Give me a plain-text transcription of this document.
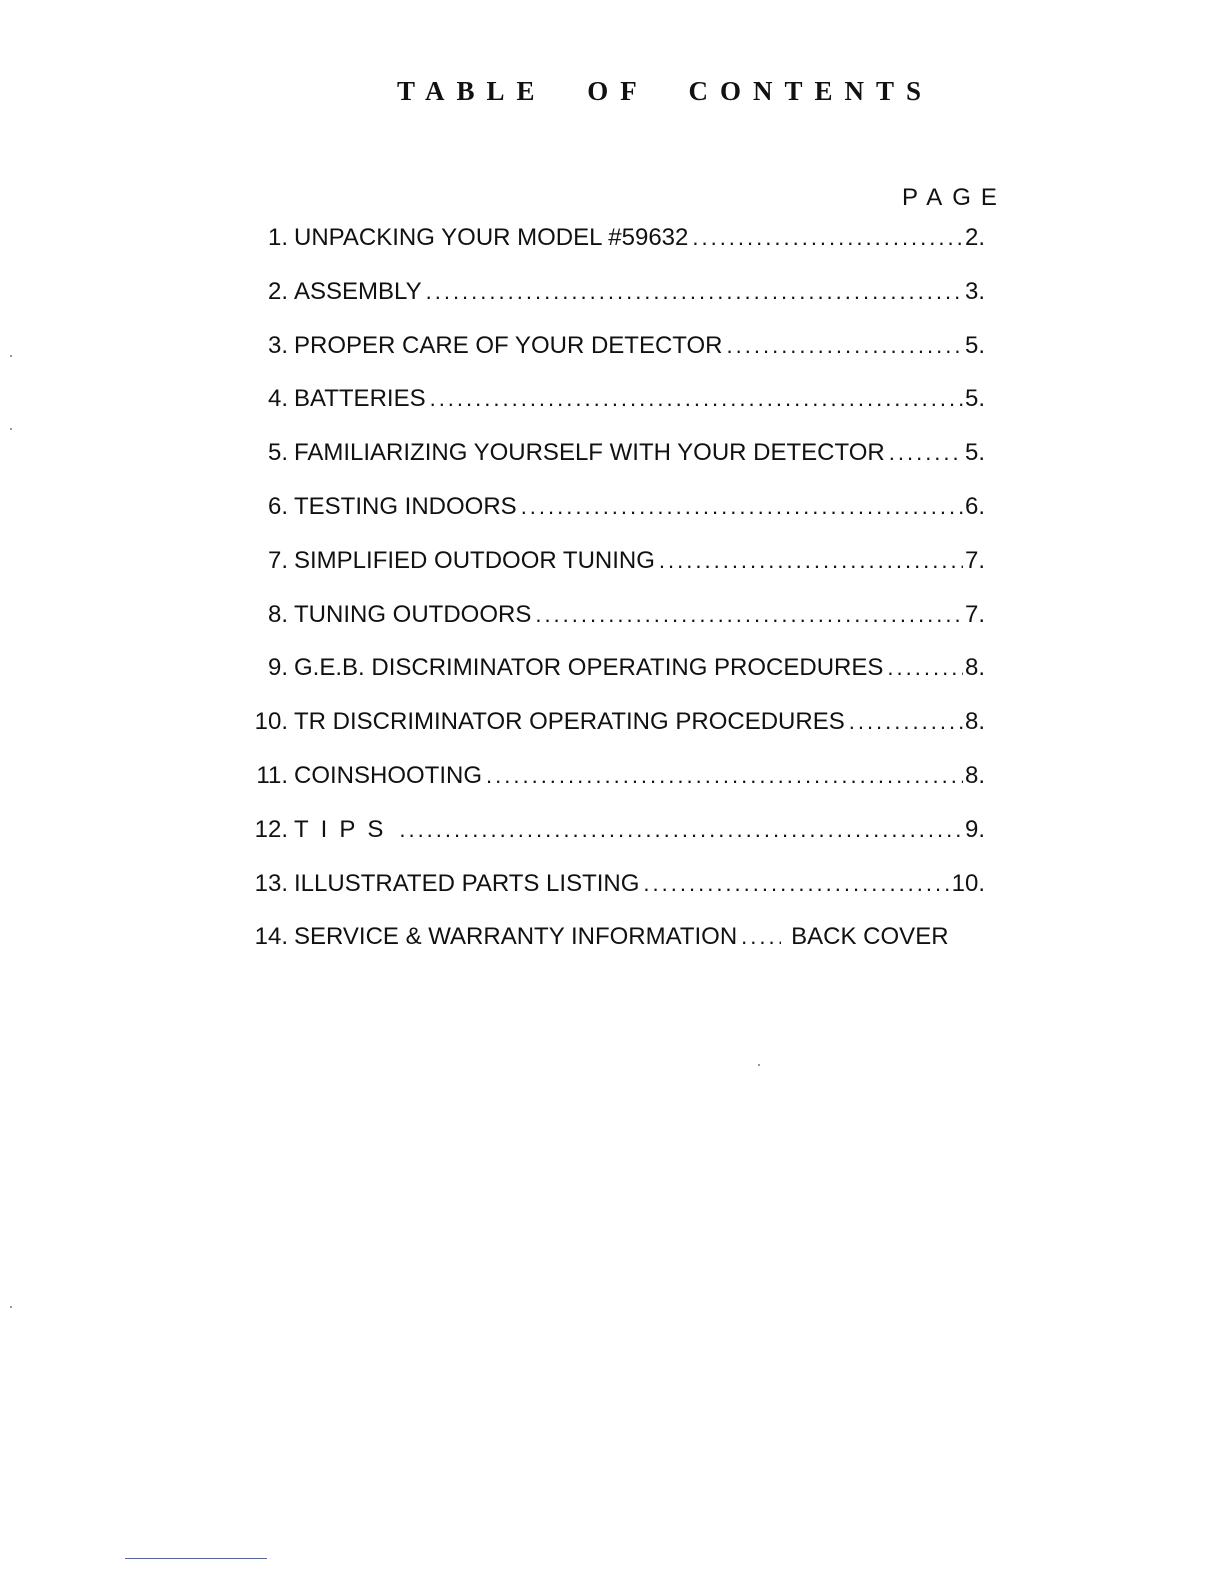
TABLE OF CONTENTS
PAGE
1. UNPACKING YOUR MODEL #59632 .....	2.
2. ASSEMBLY .....	3.
3. PROPER CARE OF YOUR DETECTOR .....	5.
4. BATTERIES .....	5.
5. FAMILIARIZING YOURSELF WITH YOUR DETECTOR .....	5.
6. TESTING INDOORS .....	6.
7. SIMPLIFIED OUTDOOR TUNING .....	7.
8. TUNING OUTDOORS .....	7.
9. G.E.B. DISCRIMINATOR OPERATING PROCEDURES .....	8.
10. TR DISCRIMINATOR OPERATING PROCEDURES .....	8.
11. COINSHOOTING .....	8.
12. TIPS .....	9.
13. ILLUSTRATED PARTS LISTING .....	10.
14. SERVICE & WARRANTY INFORMATION .....	BACK COVER
